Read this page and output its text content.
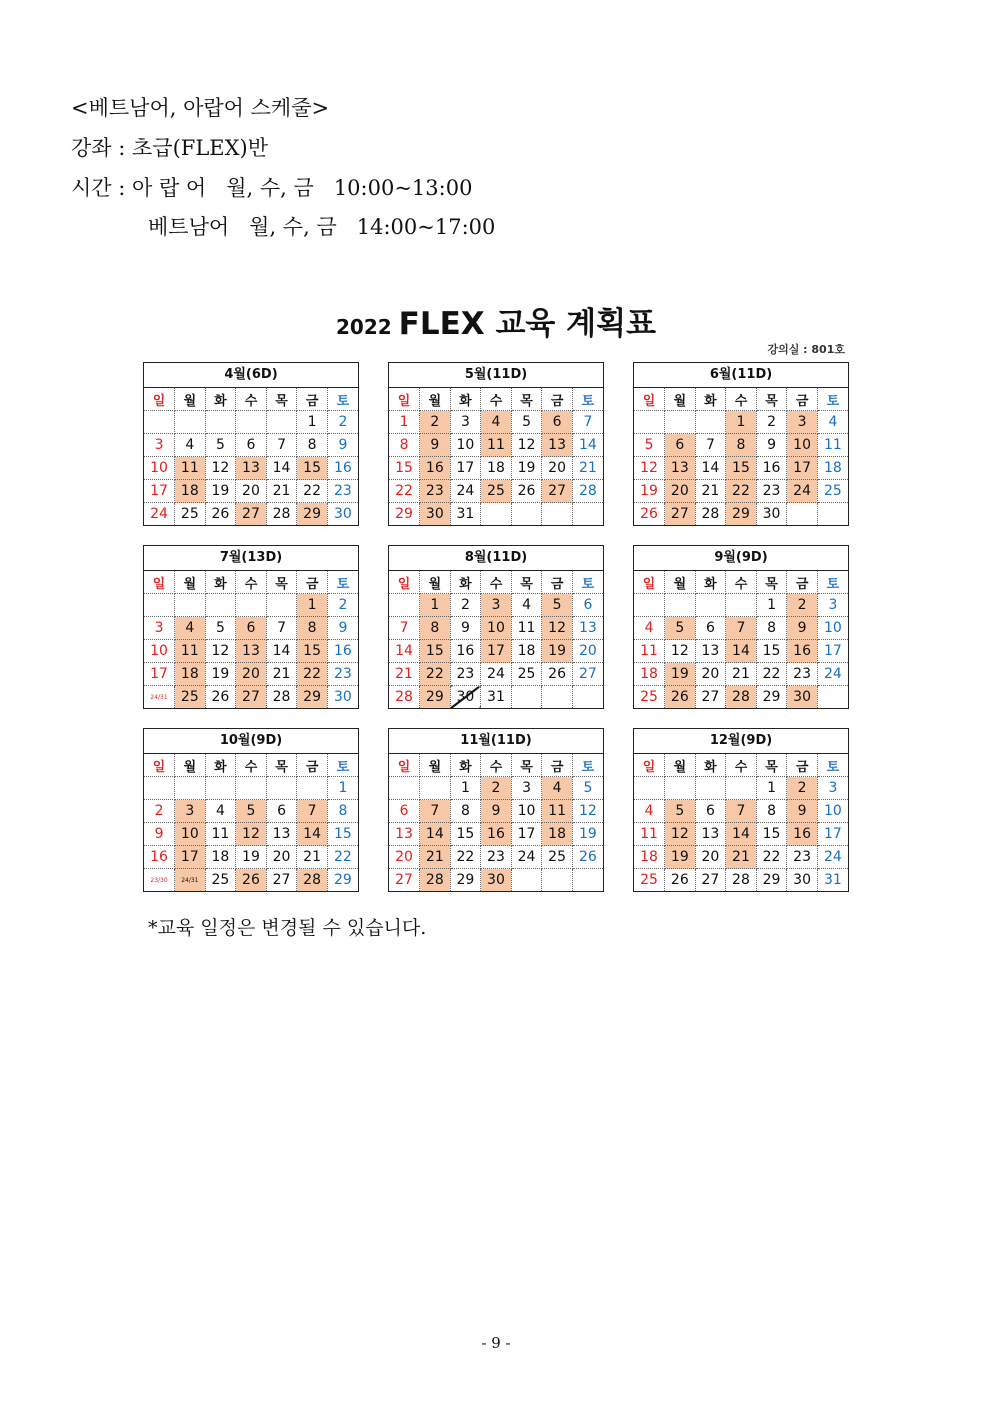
<베트남어, 아랍어 스케줄>
강좌 : 초급(FLEX)반
시간 : 아 랍 어   월, 수, 금   10:00~13:00
베트남어   월, 수, 금   14:00~17:00
2022 FLEX 교육 계획표
강의실 : 801호
4월(6D)
일	월	화	수	목	금	토
					1	2
3	4	5	6	7	8	9
10	11	12	13	14	15	16
17	18	19	20	21	22	23
24	25	26	27	28	29	30
5월(11D)
일	월	화	수	목	금	토
1	2	3	4	5	6	7
8	9	10	11	12	13	14
15	16	17	18	19	20	21
22	23	24	25	26	27	28
29	30	31				
6월(11D)
일	월	화	수	목	금	토
			1	2	3	4
5	6	7	8	9	10	11
12	13	14	15	16	17	18
19	20	21	22	23	24	25
26	27	28	29	30		
7월(13D)
일	월	화	수	목	금	토
					1	2
3	4	5	6	7	8	9
10	11	12	13	14	15	16
17	18	19	20	21	22	23
24/31	25	26	27	28	29	30
8월(11D)
일	월	화	수	목	금	토
	1	2	3	4	5	6
7	8	9	10	11	12	13
14	15	16	17	18	19	20
21	22	23	24	25	26	27
28	29	30	31			
9월(9D)
일	월	화	수	목	금	토
				1	2	3
4	5	6	7	8	9	10
11	12	13	14	15	16	17
18	19	20	21	22	23	24
25	26	27	28	29	30	
10월(9D)
일	월	화	수	목	금	토
						1
2	3	4	5	6	7	8
9	10	11	12	13	14	15
16	17	18	19	20	21	22
23/30	24/31	25	26	27	28	29
11월(11D)
일	월	화	수	목	금	토
		1	2	3	4	5
6	7	8	9	10	11	12
13	14	15	16	17	18	19
20	21	22	23	24	25	26
27	28	29	30			
12월(9D)
일	월	화	수	목	금	토
				1	2	3
4	5	6	7	8	9	10
11	12	13	14	15	16	17
18	19	20	21	22	23	24
25	26	27	28	29	30	31
*교육 일정은 변경될 수 있습니다.
- 9 -
